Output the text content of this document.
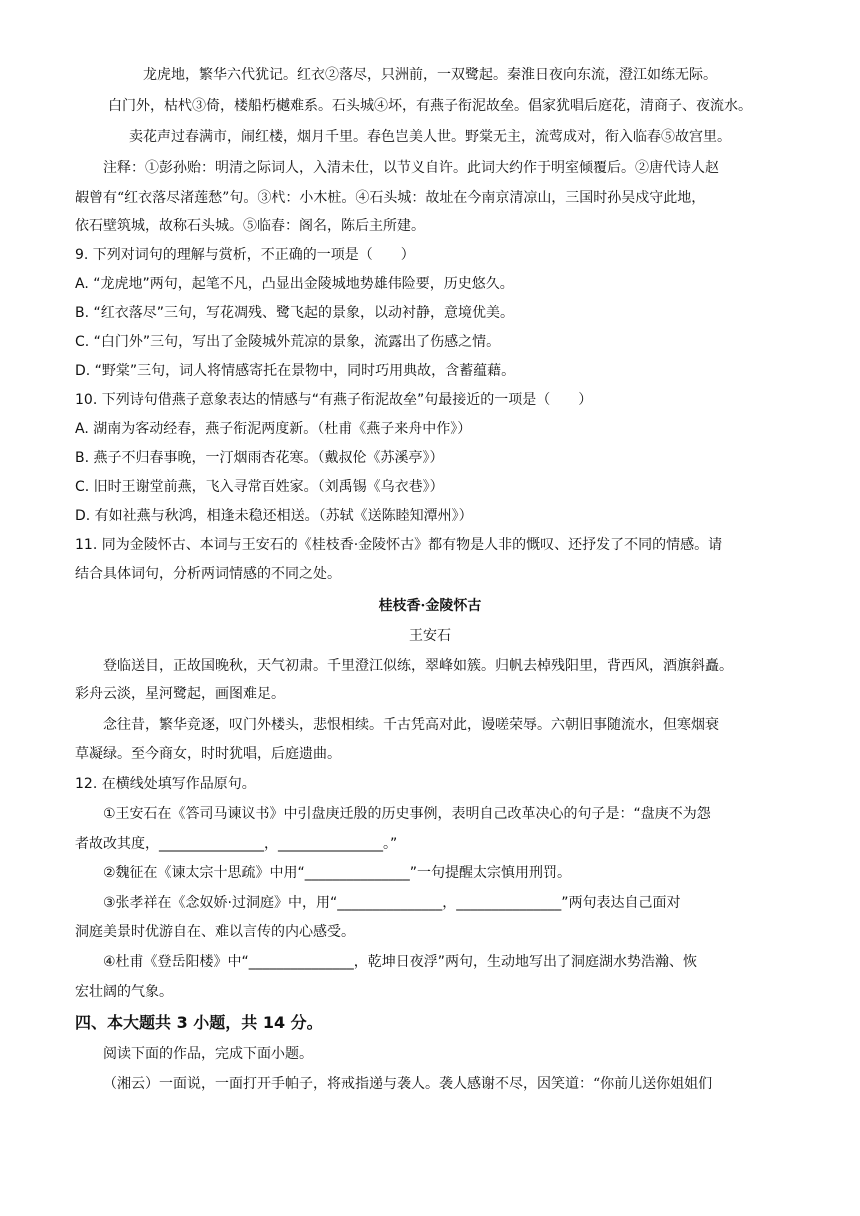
龙虎地，繁华六代犹记。红衣②落尽，只洲前，一双鹭起。秦淮日夜向东流，澄江如练无际。
白门外，枯杙③倚，楼船朽樾难系。石头城④坏，有燕子衔泥故垒。倡家犹唱后庭花，清商子、夜流水。
卖花声过春满市，闹红楼，烟月千里。春色岂美人世。野棠无主，流莺成对，衔入临春⑤故宫里。
注释：①彭孙贻：明清之际词人，入清未仕，以节义自许。此词大约作于明室倾覆后。②唐代诗人赵
嘏曾有“红衣落尽渚莲愁”句。③杙：小木桩。④石头城：故址在今南京清凉山，三国时孙吴戍守此地，
依石壁筑城，故称石头城。⑤临春：阁名，陈后主所建。
9. 下列对词句的理解与赏析，不正确的一项是（　　）
A. “龙虎地”两句，起笔不凡，凸显出金陵城地势雄伟险要，历史悠久。
B. “红衣落尽”三句，写花凋残、鹭飞起的景象，以动衬静，意境优美。
C. “白门外”三句，写出了金陵城外荒凉的景象，流露出了伤感之情。
D. “野棠”三句，词人将情感寄托在景物中，同时巧用典故，含蓄蕴藉。
10. 下列诗句借燕子意象表达的情感与“有燕子衔泥故垒”句最接近的一项是（　　）
A. 湖南为客动经春，燕子衔泥两度新。（杜甫《燕子来舟中作》）
B. 燕子不归春事晚，一汀烟雨杏花寒。（戴叔伦《苏溪亭》）
C. 旧时王谢堂前燕，飞入寻常百姓家。（刘禹锡《乌衣巷》）
D. 有如社燕与秋鸿，相逢未稳还相送。（苏轼《送陈睦知潭州》）
11. 同为金陵怀古、本词与王安石的《桂枝香·金陵怀古》都有物是人非的慨叹、还抒发了不同的情感。请
结合具体词句，分析两词情感的不同之处。
桂枝香·金陵怀古
王安石
登临送目，正故国晚秋，天气初肃。千里澄江似练，翠峰如簇。归帆去棹残阳里，背西风，酒旗斜矗。
彩舟云淡，星河鹭起，画图难足。
念往昔，繁华竞逐，叹门外楼头，悲恨相续。千古凭高对此，谩嗟荣辱。六朝旧事随流水，但寒烟衰
草凝绿。至今商女，时时犹唱，后庭遗曲。
12. 在横线处填写作品原句。
①王安石在《答司马谏议书》中引盘庚迁殷的历史事例，表明自己改革决心的句子是：“盘庚不为怨
者故改其度，_______________，_______________。”
②魏征在《谏太宗十思疏》中用“_______________”一句提醒太宗慎用刑罚。
③张孝祥在《念奴娇·过洞庭》中，用“_______________，_______________”两句表达自己面对
洞庭美景时优游自在、难以言传的内心感受。
④杜甫《登岳阳楼》中“_______________，乾坤日夜浮”两句，生动地写出了洞庭湖水势浩瀚、恢
宏壮阔的气象。
四、本大题共 3 小题，共 14 分。
阅读下面的作品，完成下面小题。
（湘云）一面说，一面打开手帕子，将戒指递与袭人。袭人感谢不尽，因笑道：“你前儿送你姐姐们
